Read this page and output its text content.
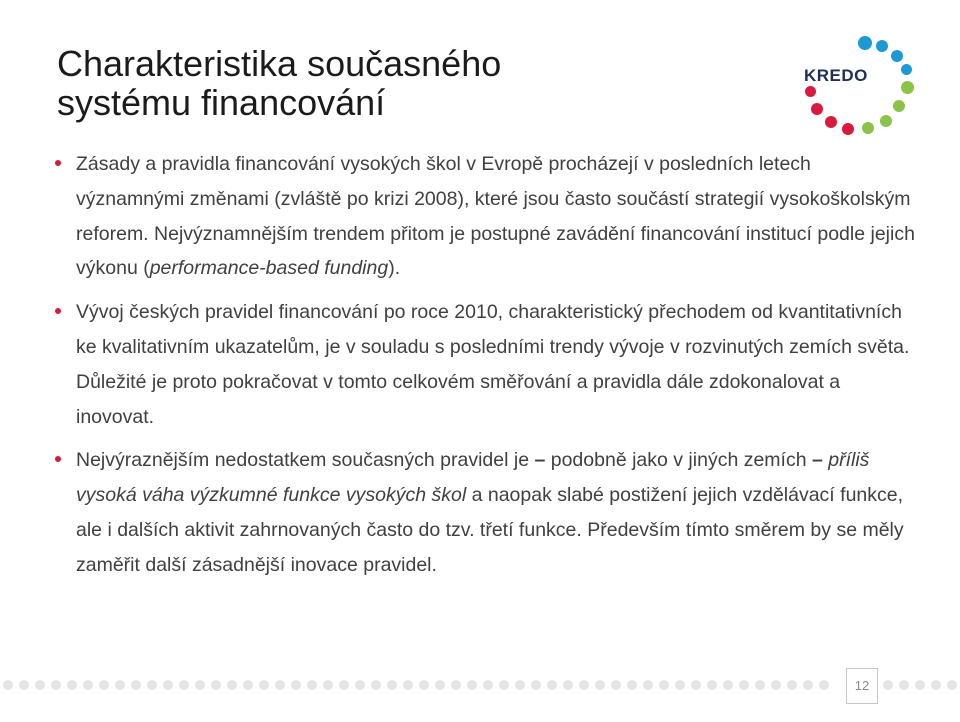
Charakteristika současného
systému financování
KREDO
Zásady a pravidla financování vysokých škol v Evropě procházejí v posledních letech významnými změnami (zvláště po krizi 2008), které jsou často součástí strategií vysokoškolským reforem. Nejvýznamnějším trendem přitom je postupné zavádění financování institucí podle jejich výkonu (performance-based funding).
Vývoj českých pravidel financování po roce 2010, charakteristický přechodem od kvantitativních ke kvalitativním ukazatelům, je v souladu s posledními trendy vývoje v rozvinutých zemích světa. Důležité je proto pokračovat v tomto celkovém směřování a pravidla dále zdokonalovat a inovovat.
Nejvýraznějším nedostatkem současných pravidel je – podobně jako v jiných zemích – příliš vysoká váha výzkumné funkce vysokých škol a naopak slabé postižení jejich vzdělávací funkce, ale i dalších aktivit zahrnovaných často do tzv. třetí funkce. Především tímto směrem by se měly zaměřit další zásadnější inovace pravidel.
12
